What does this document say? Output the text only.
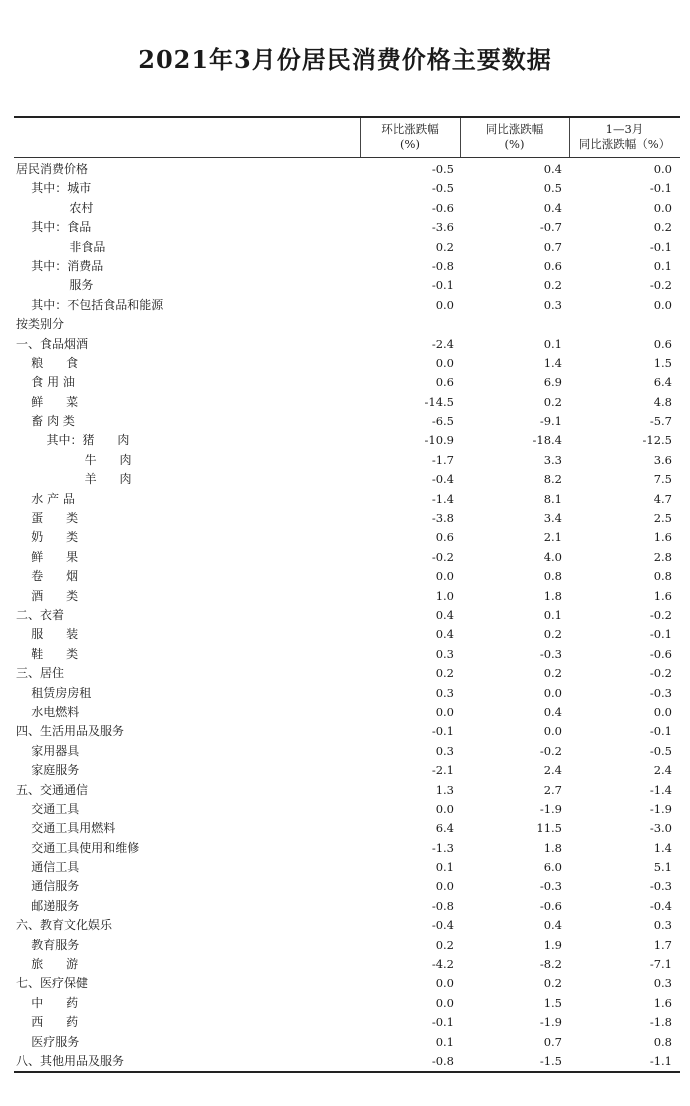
2021年3月份居民消费价格主要数据
环比涨跌幅
(%)
同比涨跌幅
(%)
1—3月
同比涨跌幅（%）
居民消费价格	-0.5	0.4	0.0
其中：城市	-0.5	0.5	-0.1
农村	-0.6	0.4	0.0
其中：食品	-3.6	-0.7	0.2
非食品	0.2	0.7	-0.1
其中：消费品	-0.8	0.6	0.1
服务	-0.1	0.2	-0.2
其中：不包括食品和能源	0.0	0.3	0.0
按类别分
一、食品烟酒	-2.4	0.1	0.6
粮      食	0.0	1.4	1.5
食 用 油	0.6	6.9	6.4
鲜      菜	-14.5	0.2	4.8
畜 肉 类	-6.5	-9.1	-5.7
其中：猪      肉	-10.9	-18.4	-12.5
牛      肉	-1.7	3.3	3.6
羊      肉	-0.4	8.2	7.5
水 产 品	-1.4	8.1	4.7
蛋      类	-3.8	3.4	2.5
奶      类	0.6	2.1	1.6
鲜      果	-0.2	4.0	2.8
卷      烟	0.0	0.8	0.8
酒      类	1.0	1.8	1.6
二、衣着	0.4	0.1	-0.2
服      装	0.4	0.2	-0.1
鞋      类	0.3	-0.3	-0.6
三、居住	0.2	0.2	-0.2
租赁房房租	0.3	0.0	-0.3
水电燃料	0.0	0.4	0.0
四、生活用品及服务	-0.1	0.0	-0.1
家用器具	0.3	-0.2	-0.5
家庭服务	-2.1	2.4	2.4
五、交通通信	1.3	2.7	-1.4
交通工具	0.0	-1.9	-1.9
交通工具用燃料	6.4	11.5	-3.0
交通工具使用和维修	-1.3	1.8	1.4
通信工具	0.1	6.0	5.1
通信服务	0.0	-0.3	-0.3
邮递服务	-0.8	-0.6	-0.4
六、教育文化娱乐	-0.4	0.4	0.3
教育服务	0.2	1.9	1.7
旅      游	-4.2	-8.2	-7.1
七、医疗保健	0.0	0.2	0.3
中      药	0.0	1.5	1.6
西      药	-0.1	-1.9	-1.8
医疗服务	0.1	0.7	0.8
八、其他用品及服务	-0.8	-1.5	-1.1
